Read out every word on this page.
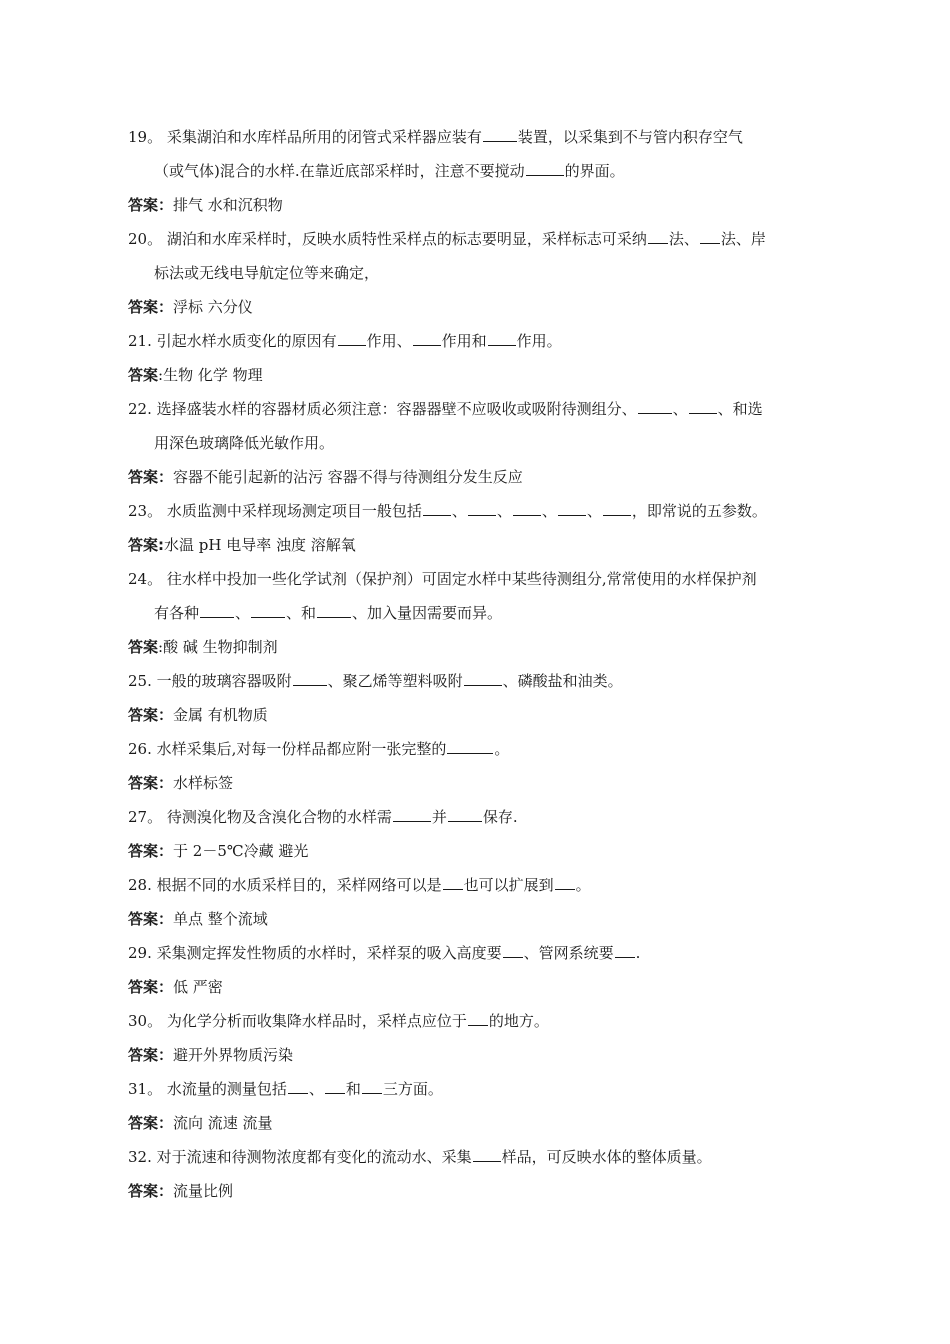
19。 采集湖泊和水库样品所用的闭管式采样器应装有 装置，以采集到不与管内积存空气
（或气体)混合的水样.在靠近底部采样时，注意不要搅动	的界面。
答案：排气 水和沉积物
20。 湖泊和水库采样时，反映水质特性采样点的标志要明显，采样标志可采纳 法、 法、岸
标法或无线电导航定位等来确定，
答案：浮标 六分仪
21. 引起水样水质变化的原因有 作用、 作用和 作用。
答案:生物 化学 物理
22. 选择盛装水样的容器材质必须注意：容器器壁不应吸收或吸附待测组分、 、 、和选
用深色玻璃降低光敏作用。
答案：容器不能引起新的沾污 容器不得与待测组分发生反应
23。 水质监测中采样现场测定项目一般包括 、 、 、 、 ，即常说的五参数。
答案:水温 pH 电导率 浊度 溶解氧
24。 往水样中投加一些化学试剂（保护剂）可固定水样中某些待测组分,常常使用的水样保护剂
有各种 、 、和 、加入量因需要而异。
答案:酸 碱 生物抑制剂
25. 一般的玻璃容器吸附 、聚乙烯等塑料吸附	、磷酸盐和油类。
答案：金属 有机物质
26. 水样采集后,对每一份样品都应附一张完整的	。
答案：水样标签
27。 待测溴化物及含溴化合物的水样需	并 保存.
答案：于 2－5℃冷藏 避光
28. 根据不同的水质采样目的，采样网络可以是 也可以扩展到 。
答案：单点 整个流域
29. 采集测定挥发性物质的水样时，采样泵的吸入高度要 、管网系统要 .
答案：低 严密
30。 为化学分析而收集降水样品时，采样点应位于 的地方。
答案：避开外界物质污染
31。 水流量的测量包括 、 和 三方面。
答案：流向 流速 流量
32. 对于流速和待测物浓度都有变化的流动水、采集 样品，可反映水体的整体质量。
答案：流量比例
